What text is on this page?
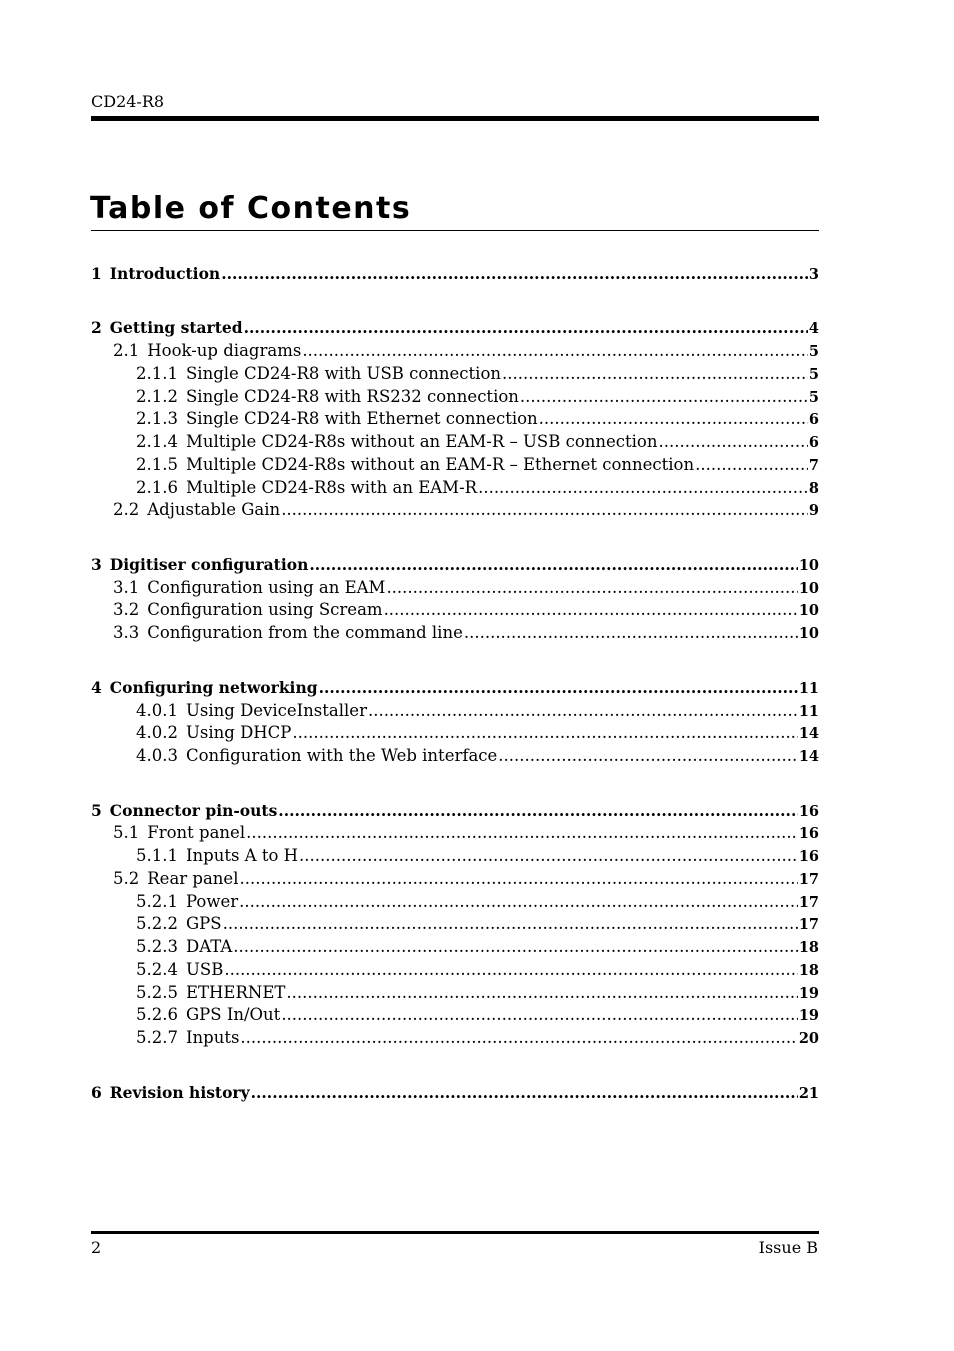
CD24-R8
Table of Contents
1 Introduction .....	3
2 Getting started .....	4
2.1 Hook-up diagrams .....	5
2.1.1 Single CD24-R8 with USB connection .....	5
2.1.2 Single CD24-R8 with RS232 connection .....	5
2.1.3 Single CD24-R8 with Ethernet connection .....	6
2.1.4 Multiple CD24-R8s without an EAM-R – USB connection .....	6
2.1.5 Multiple CD24-R8s without an EAM-R – Ethernet connection .....	7
2.1.6 Multiple CD24-R8s with an EAM-R .....	8
2.2 Adjustable Gain .....	9
3 Digitiser configuration .....	10
3.1 Configuration using an EAM .....	10
3.2 Configuration using Scream .....	10
3.3 Configuration from the command line .....	10
4 Configuring networking .....	11
4.0.1 Using DeviceInstaller .....	11
4.0.2 Using DHCP .....	14
4.0.3 Configuration with the Web interface .....	14
5 Connector pin-outs .....	16
5.1 Front panel .....	16
5.1.1 Inputs A to H .....	16
5.2 Rear panel .....	17
5.2.1 Power .....	17
5.2.2 GPS .....	17
5.2.3 DATA .....	18
5.2.4 USB .....	18
5.2.5 ETHERNET .....	19
5.2.6 GPS In/Out .....	19
5.2.7 Inputs .....	20
6 Revision history .....	21
2	Issue B
